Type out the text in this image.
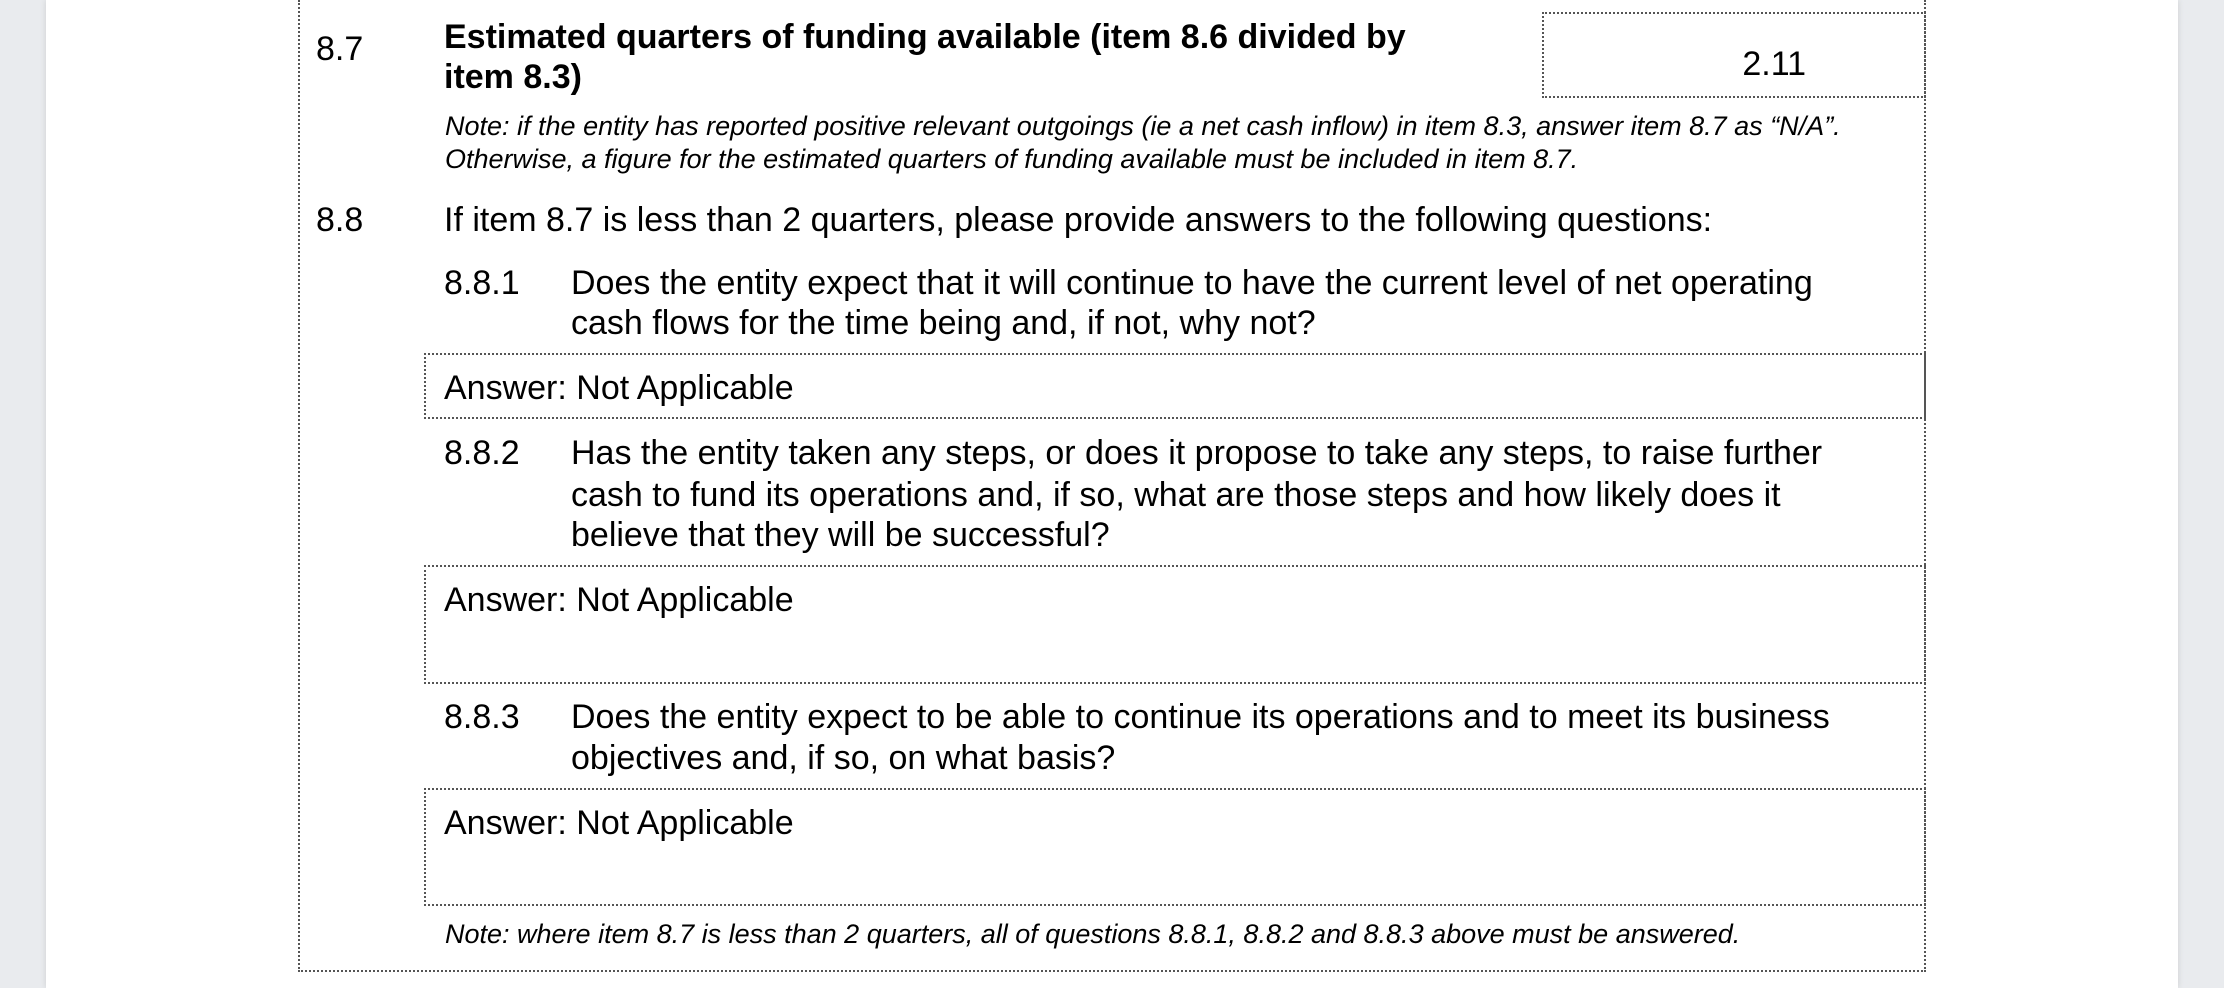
8.7 Estimated quarters of funding available (item 8.6 divided by
item 8.3)	2.11
Note: if the entity has reported positive relevant outgoings (ie a net cash inflow) in item 8.3, answer item 8.7 as “N/A”.
Otherwise, a figure for the estimated quarters of funding available must be included in item 8.7.
8.8 If item 8.7 is less than 2 quarters, please provide answers to the following questions:
8.8.1 Does the entity expect that it will continue to have the current level of net operating
cash flows for the time being and, if not, why not?
Answer: Not Applicable
8.8.2 Has the entity taken any steps, or does it propose to take any steps, to raise further
cash to fund its operations and, if so, what are those steps and how likely does it
believe that they will be successful?
Answer: Not Applicable
8.8.3 Does the entity expect to be able to continue its operations and to meet its business
objectives and, if so, on what basis?
Answer: Not Applicable
Note: where item 8.7 is less than 2 quarters, all of questions 8.8.1, 8.8.2 and 8.8.3 above must be answered.
